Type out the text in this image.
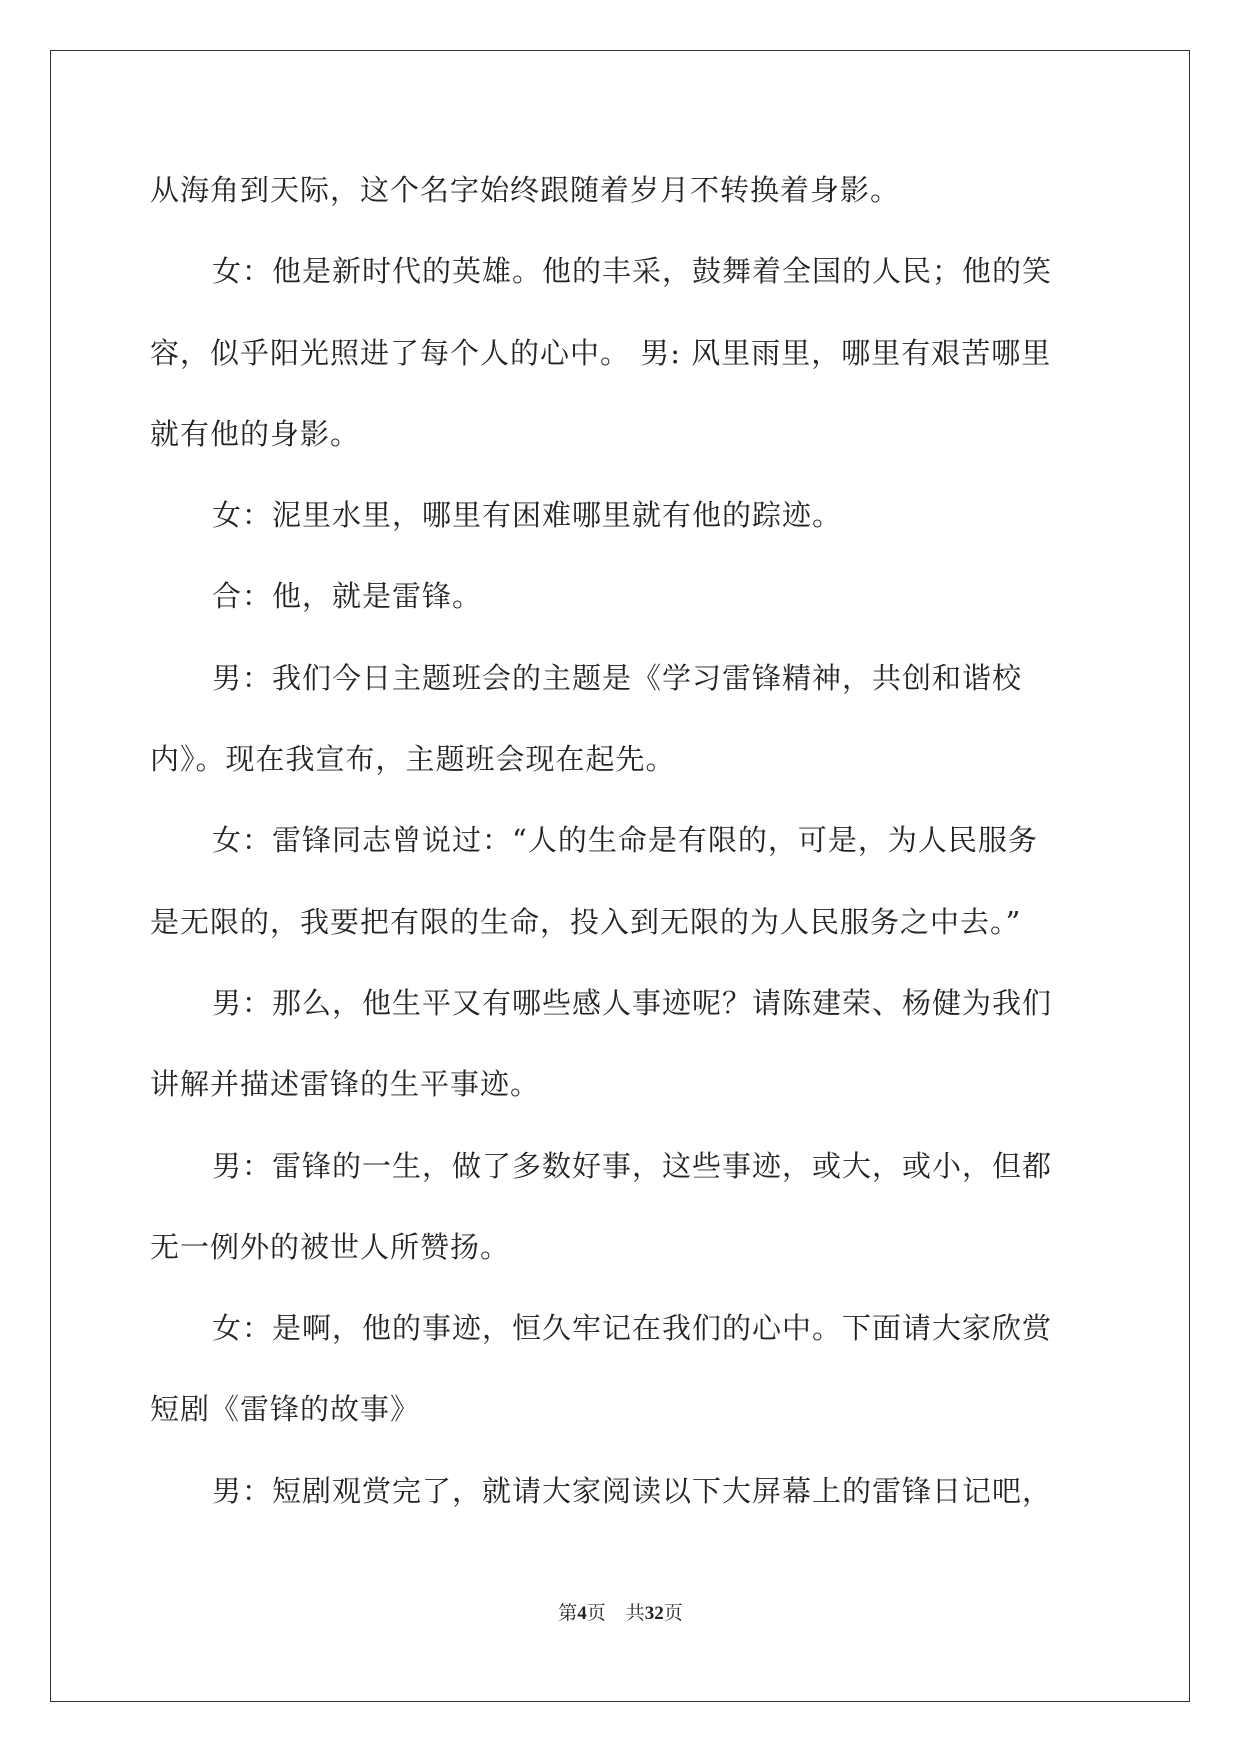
从海角到天际，这个名字始终跟随着岁月不转换着身影。
女：他是新时代的英雄。他的丰采，鼓舞着全国的人民；他的笑
容，似乎阳光照进了每个人的心中。 男: 风里雨里，哪里有艰苦哪里
就有他的身影。
女：泥里水里，哪里有困难哪里就有他的踪迹。
合：他，就是雷锋。
男：我们今日主题班会的主题是《学习雷锋精神，共创和谐校
内》。现在我宣布，主题班会现在起先。
女：雷锋同志曾说过：“人的生命是有限的，可是，为人民服务
是无限的，我要把有限的生命，投入到无限的为人民服务之中去。”
男：那么，他生平又有哪些感人事迹呢？请陈建荣、杨健为我们
讲解并描述雷锋的生平事迹。
男：雷锋的一生，做了多数好事，这些事迹，或大，或小，但都
无一例外的被世人所赞扬。
女：是啊，他的事迹，恒久牢记在我们的心中。下面请大家欣赏
短剧《雷锋的故事》
男：短剧观赏完了，就请大家阅读以下大屏幕上的雷锋日记吧，
第4页 共32页
